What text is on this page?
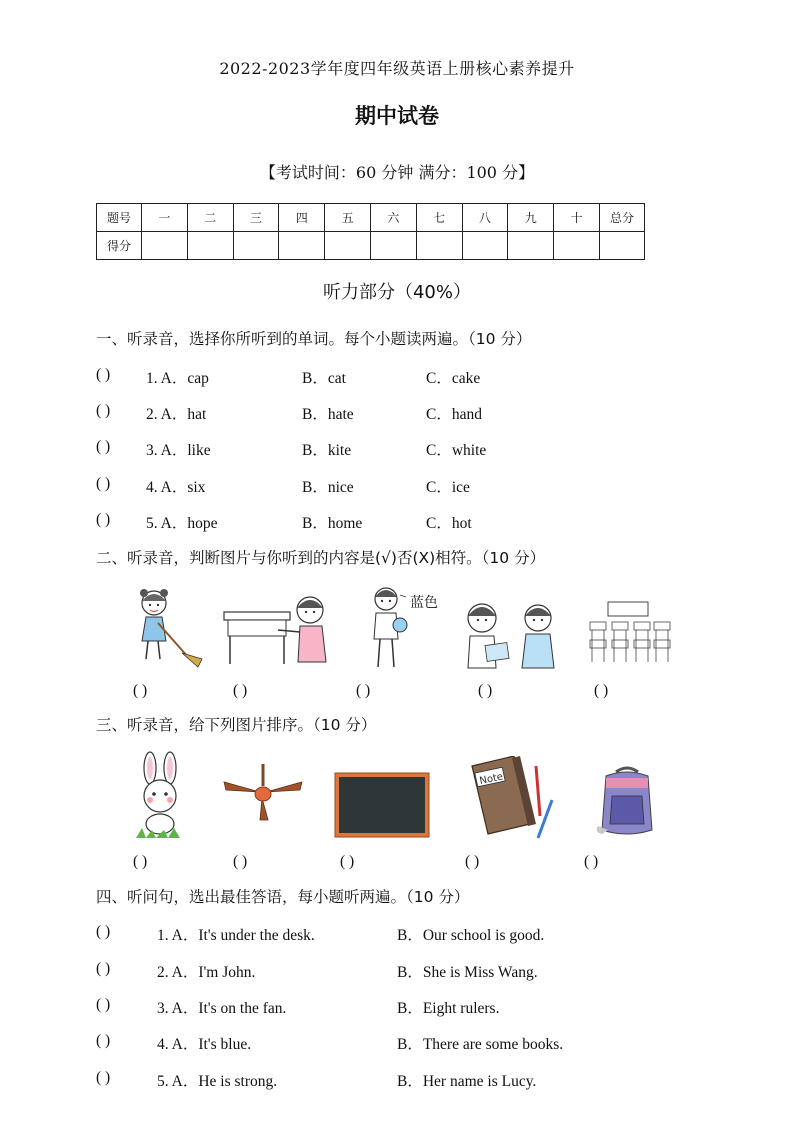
2022-2023学年度四年级英语上册核心素养提升
期中试卷
【考试时间：60 分钟 满分：100 分】
题号	一	二	三	四	五	六	七	八	九	十	总分
得分											
听力部分（40%）
一、听录音，选择你所听到的单词。每个小题读两遍。（10 分）
( ) 1. A．cap	B．cat	C．cake
( ) 2. A．hat	B．hate	C．hand
( ) 3. A．like	B．kite	C．white
( ) 4. A．six	B．nice	C．ice
( ) 5. A．hope	B．home	C．hot
二、听录音，判断图片与你听到的内容是(√)否(X)相符。（10 分）
蓝色
( )	( )	( )	( )	( )
三、听录音，给下列图片排序。（10 分）
Note
( )	( )	( )	( )	( )
四、听问句，选出最佳答语，每小题听两遍。（10 分）
( )	1. A．It's under the desk.	B．Our school is good.
( )	2. A．I'm John.	B．She is Miss Wang.
( )	3. A．It's on the fan.	B．Eight rulers.
( )	4. A．It's blue.	B．There are some books.
( )	5. A．He is strong.	B．Her name is Lucy.
